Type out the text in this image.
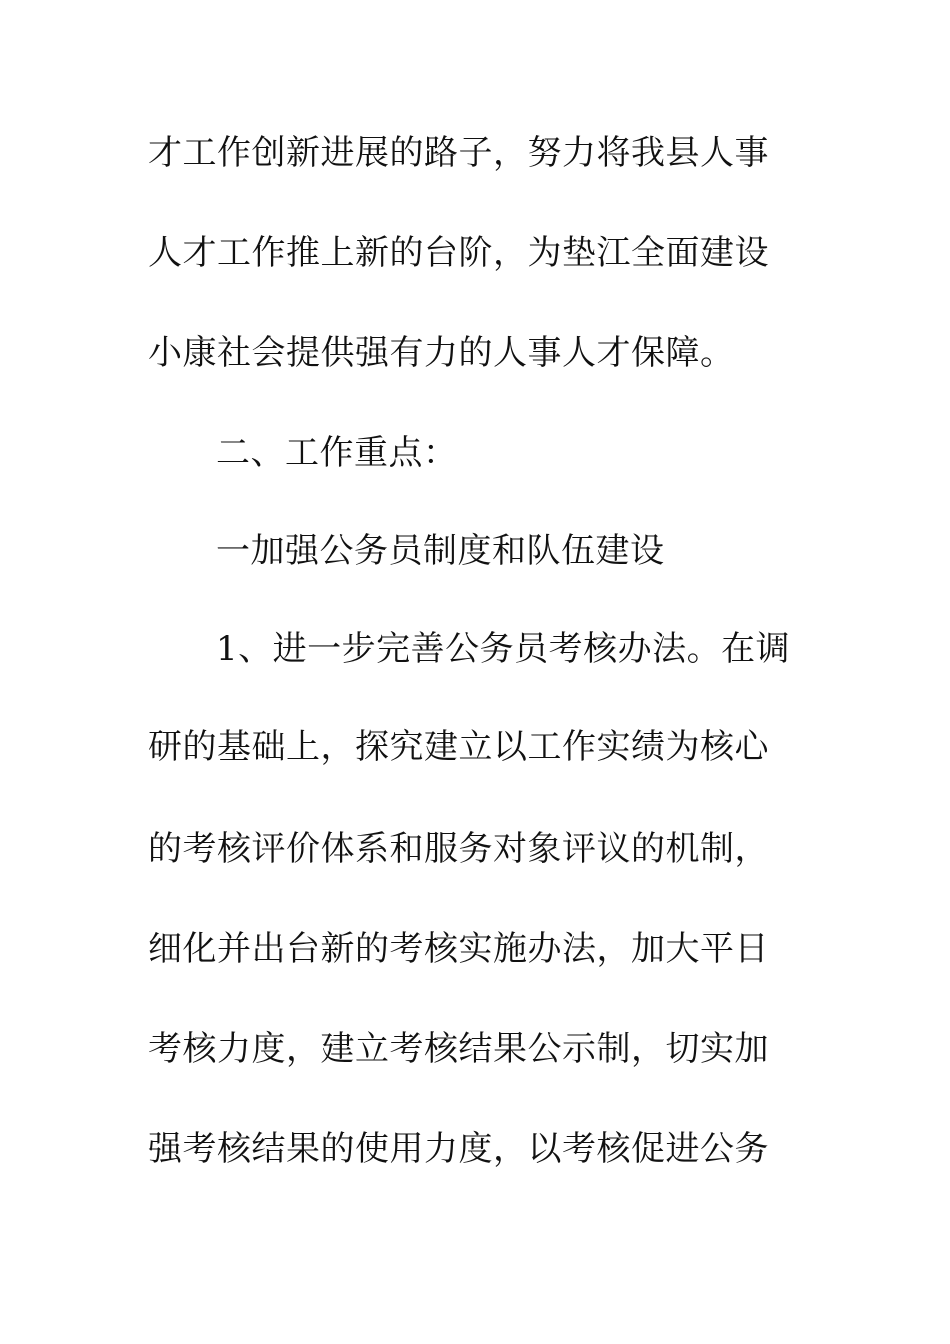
才工作创新进展的路子，努力将我县人事
人才工作推上新的台阶，为垫江全面建设
小康社会提供强有力的人事人才保障。
二、工作重点：
一加强公务员制度和队伍建设
1、进一步完善公务员考核办法。在调
研的基础上，探究建立以工作实绩为核心
的考核评价体系和服务对象评议的机制，
细化并出台新的考核实施办法，加大平日
考核力度，建立考核结果公示制，切实加
强考核结果的使用力度，以考核促进公务
